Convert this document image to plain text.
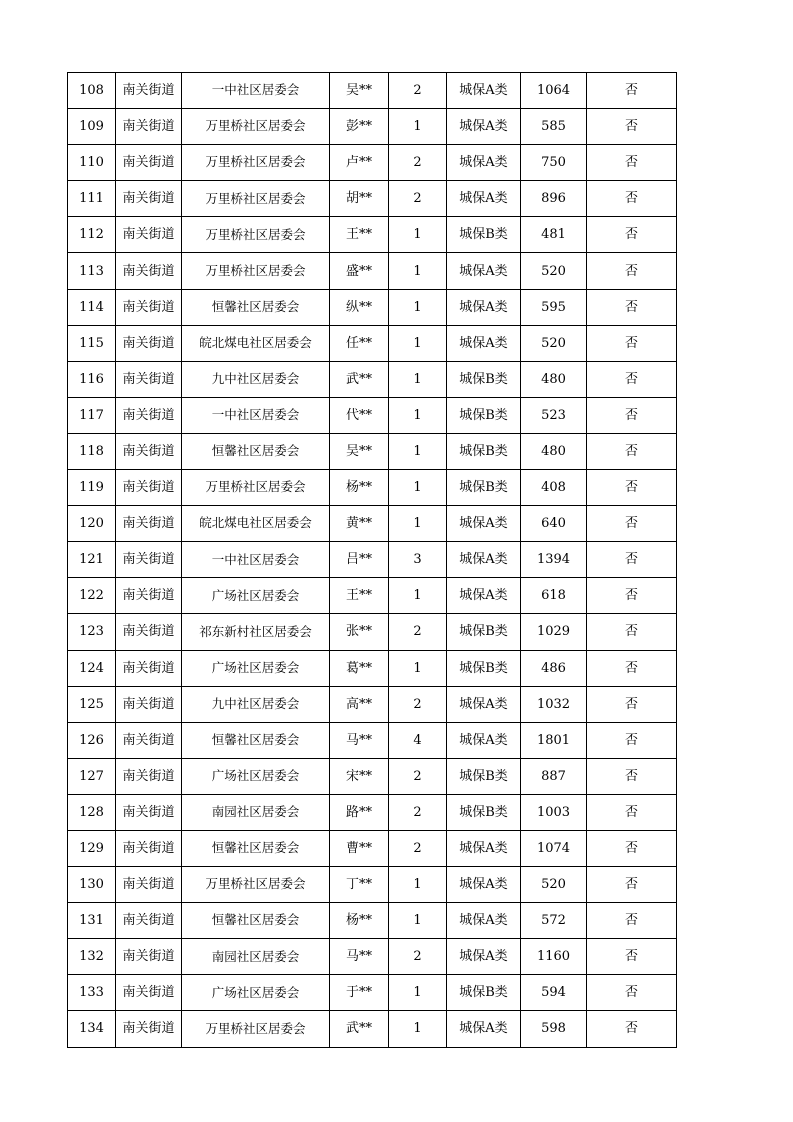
108	南关街道	一中社区居委会	吴**	2	城保A类	1064	否
109	南关街道	万里桥社区居委会	彭**	1	城保A类	585	否
110	南关街道	万里桥社区居委会	卢**	2	城保A类	750	否
111	南关街道	万里桥社区居委会	胡**	2	城保A类	896	否
112	南关街道	万里桥社区居委会	王**	1	城保B类	481	否
113	南关街道	万里桥社区居委会	盛**	1	城保A类	520	否
114	南关街道	恒馨社区居委会	纵**	1	城保A类	595	否
115	南关街道	皖北煤电社区居委会	任**	1	城保A类	520	否
116	南关街道	九中社区居委会	武**	1	城保B类	480	否
117	南关街道	一中社区居委会	代**	1	城保B类	523	否
118	南关街道	恒馨社区居委会	吴**	1	城保B类	480	否
119	南关街道	万里桥社区居委会	杨**	1	城保B类	408	否
120	南关街道	皖北煤电社区居委会	黄**	1	城保A类	640	否
121	南关街道	一中社区居委会	吕**	3	城保A类	1394	否
122	南关街道	广场社区居委会	王**	1	城保A类	618	否
123	南关街道	祁东新村社区居委会	张**	2	城保B类	1029	否
124	南关街道	广场社区居委会	葛**	1	城保B类	486	否
125	南关街道	九中社区居委会	高**	2	城保A类	1032	否
126	南关街道	恒馨社区居委会	马**	4	城保A类	1801	否
127	南关街道	广场社区居委会	宋**	2	城保B类	887	否
128	南关街道	南园社区居委会	路**	2	城保B类	1003	否
129	南关街道	恒馨社区居委会	曹**	2	城保A类	1074	否
130	南关街道	万里桥社区居委会	丁**	1	城保A类	520	否
131	南关街道	恒馨社区居委会	杨**	1	城保A类	572	否
132	南关街道	南园社区居委会	马**	2	城保A类	1160	否
133	南关街道	广场社区居委会	于**	1	城保B类	594	否
134	南关街道	万里桥社区居委会	武**	1	城保A类	598	否
